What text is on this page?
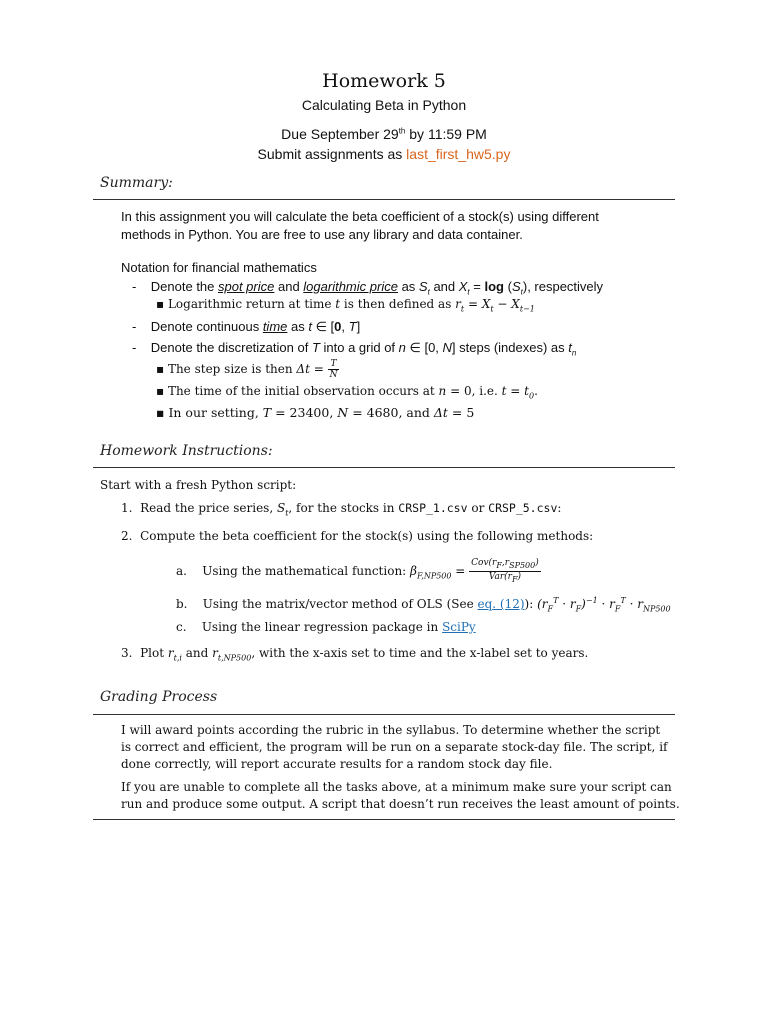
Homework 5
Calculating Beta in Python
Due September 29th by 11:59 PM
Submit assignments as last_first_hw5.py
Summary:
In this assignment you will calculate the beta coefficient of a stock(s) using different
methods in Python. You are free to use any library and data container.
Notation for financial mathematics
-    Denote the spot price and logarithmic price as $S_t$ and $X_t = \log (S_t)$, respectively
▪ Logarithmic return at time t is then defined as $r_t = X_t - X_{t-1}$
-    Denote continuous time as t ∈ [0, T]
-    Denote the discretization of T into a grid of n ∈ [0, N] steps (indexes) as $t_n$
▪ The step size is then $\Delta t = \frac{T}{N}$
▪ The time of the initial observation occurs at n = 0, i.e. $t = t_0$.
▪ In our setting, T = 23400, N = 4680, and Δt = 5
Homework Instructions:
Start with a fresh Python script:
1. Read the price series, $S_t$, for the stocks in CRSP_1.csv or CRSP_5.csv:
2. Compute the beta coefficient for the stock(s) using the following methods:
a. Using the mathematical function: $\beta_{F,NP500} = \frac{Cov(r_F,r_{SP500})}{Var(r_F)}$
b. Using the matrix/vector method of OLS (See eq. (12)): $(r_F^T \cdot r_F)^{-1} \cdot r_F^T \cdot r_{NP500}$
c. Using the linear regression package in SciPy
3. Plot $r_{t,i}$ and $r_{t,NP500}$, with the x-axis set to time and the x-label set to years.
Grading Process
I will award points according the rubric in the syllabus. To determine whether the script
is correct and efficient, the program will be run on a separate stock-day file. The script, if
done correctly, will report accurate results for a random stock day file.
If you are unable to complete all the tasks above, at a minimum make sure your script can
run and produce some output. A script that doesn’t run receives the least amount of points.
